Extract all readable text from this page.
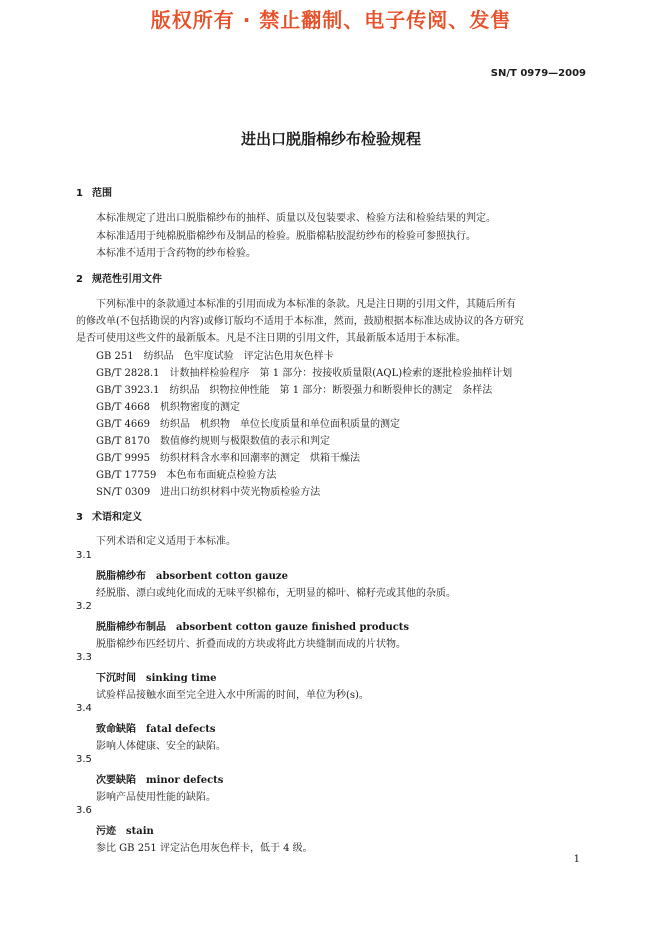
版权所有 · 禁止翻制、电子传阅、发售
SN/T 0979—2009
进出口脱脂棉纱布检验规程
1 范围
本标准规定了进出口脱脂棉纱布的抽样、质量以及包装要求、检验方法和检验结果的判定。
本标准适用于纯棉脱脂棉纱布及制品的检验。脱脂棉粘胶混纺纱布的检验可参照执行。
本标准不适用于含药物的纱布检验。
2 规范性引用文件
下列标准中的条款通过本标准的引用而成为本标准的条款。凡是注日期的引用文件，其随后所有
的修改单(不包括勘误的内容)或修订版均不适用于本标准，然而，鼓励根据本标准达成协议的各方研究
是否可使用这些文件的最新版本。凡是不注日期的引用文件，其最新版本适用于本标准。
GB 251　纺织品　色牢度试验　评定沾色用灰色样卡
GB/T 2828.1　计数抽样检验程序　第 1 部分：按接收质量限(AQL)检索的逐批检验抽样计划
GB/T 3923.1　纺织品　织物拉伸性能　第 1 部分：断裂强力和断裂伸长的测定　条样法
GB/T 4668　机织物密度的测定
GB/T 4669　纺织品　机织物　单位长度质量和单位面积质量的测定
GB/T 8170　数值修约规则与极限数值的表示和判定
GB/T 9995　纺织材料含水率和回潮率的测定　烘箱干燥法
GB/T 17759　本色布布面疵点检验方法
SN/T 0309　进出口纺织材料中荧光物质检验方法
3 术语和定义
下列术语和定义适用于本标准。
3.1
脱脂棉纱布 absorbent cotton gauze
经脱脂、漂白或纯化而成的无味平织棉布，无明显的棉叶、棉籽壳或其他的杂质。
3.2
脱脂棉纱布制品 absorbent cotton gauze finished products
脱脂棉纱布匹经切片、折叠而成的方块或将此方块缝制而成的片状物。
3.3
下沉时间 sinking time
试验样品接触水面至完全进入水中所需的时间，单位为秒(s)。
3.4
致命缺陷 fatal defects
影响人体健康、安全的缺陷。
3.5
次要缺陷 minor defects
影响产品使用性能的缺陷。
3.6
污迹 stain
参比 GB 251 评定沾色用灰色样卡，低于 4 级。
1
